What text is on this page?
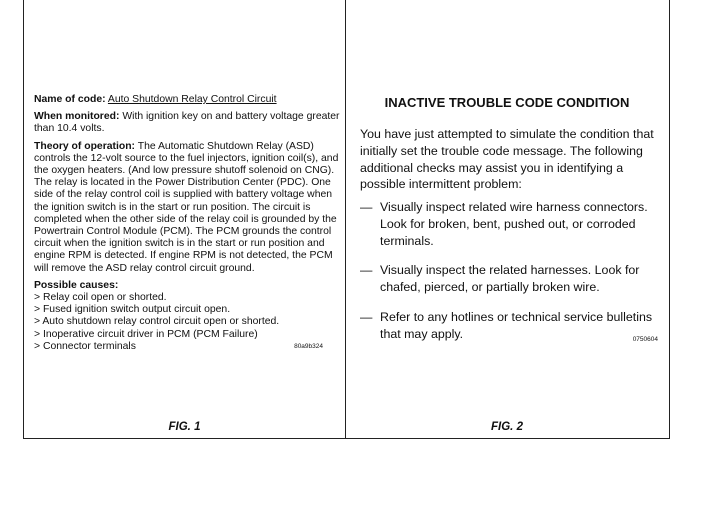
Name of code: Auto Shutdown Relay Control Circuit

When monitored: With ignition key on and battery voltage greater than 10.4 volts.

Theory of operation: The Automatic Shutdown Relay (ASD) controls the 12-volt source to the fuel injectors, ignition coil(s), and the oxygen heaters. (And low pressure shutoff solenoid on CNG). The relay is located in the Power Distribution Center (PDC). One side of the relay control coil is supplied with battery voltage when the ignition switch is in the start or run position. The circuit is completed when the other side of the relay coil is grounded by the Powertrain Control Module (PCM). The PCM grounds the control circuit when the ignition switch is in the start or run position and engine RPM is detected. If engine RPM is not detected, the PCM will remove the ASD relay control circuit ground.

Possible causes:
> Relay coil open or shorted.
> Fused ignition switch output circuit open.
> Auto shutdown relay control circuit open or shorted.
> Inoperative circuit driver in PCM (PCM Failure)
> Connector terminals	80a9b324
FIG. 1
INACTIVE TROUBLE CODE CONDITION
You have just attempted to simulate the condition that initially set the trouble code message. The following additional checks may assist you in identifying a possible intermittent problem:
— Visually inspect related wire harness connectors. Look for broken, bent, pushed out, or corroded terminals.
— Visually inspect the related harnesses. Look for chafed, pierced, or partially broken wire.
— Refer to any hotlines or technical service bulletins that may apply.	0750604
FIG. 2
